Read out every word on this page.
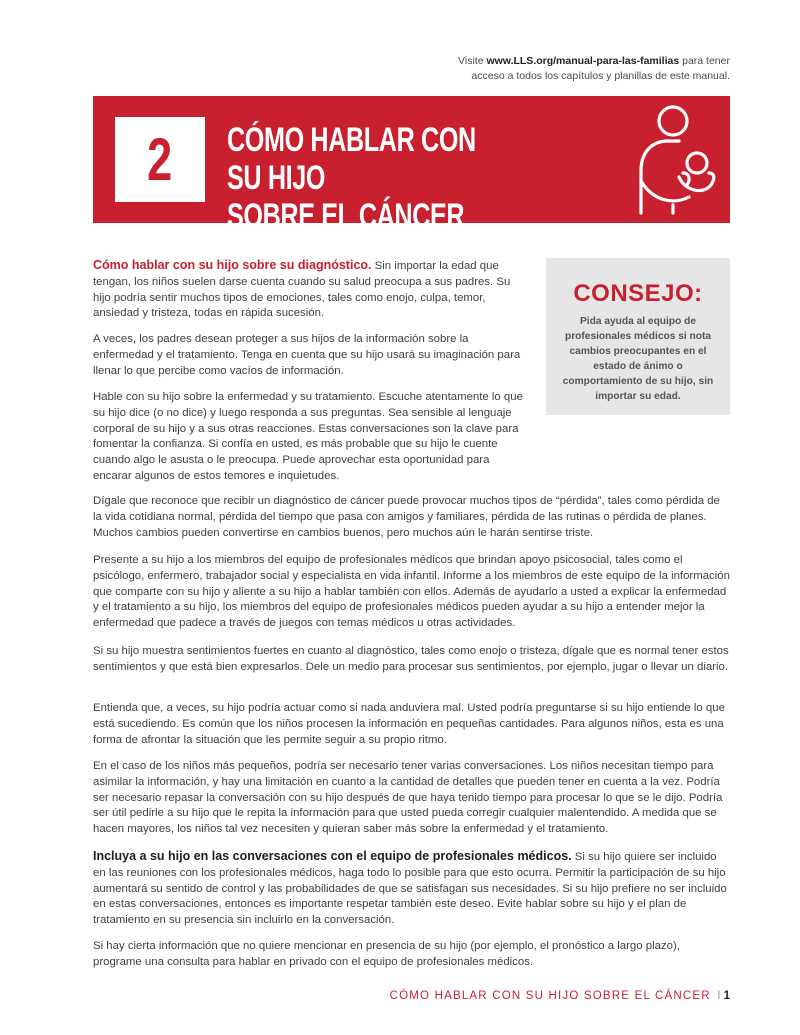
Visite www.LLS.org/manual-para-las-familias para tener
acceso a todos los capítulos y planillas de este manual.
2 CÓMO HABLAR CON SU HIJO
SOBRE EL CÁNCER

Cómo hablar con su hijo sobre su diagnóstico. Sin importar la edad que tengan, los niños suelen darse cuenta cuando su salud preocupa a sus padres. Su hijo podría sentir muchos tipos de emociones, tales como enojo, culpa, temor, ansiedad y tristeza, todas en rápida sucesión.

A veces, los padres desean proteger a sus hijos de la información sobre la enfermedad y el tratamiento. Tenga en cuenta que su hijo usará su imaginación para llenar lo que percibe como vacíos de información.

Hable con su hijo sobre la enfermedad y su tratamiento. Escuche atentamente lo que su hijo dice (o no dice) y luego responda a sus preguntas. Sea sensible al lenguaje corporal de su hijo y a sus otras reacciones. Estas conversaciones son la clave para fomentar la confianza. Si confía en usted, es más probable que su hijo le cuente cuando algo le asusta o le preocupa. Puede aprovechar esta oportunidad para encarar algunos de estos temores e inquietudes.

CONSEJO:
Pida ayuda al equipo de profesionales médicos si nota cambios preocupantes en el estado de ánimo o comportamiento de su hijo, sin importar su edad.

Dígale que reconoce que recibir un diagnóstico de cáncer puede provocar muchos tipos de “pérdida”, tales como pérdida de la vida cotidiana normal, pérdida del tiempo que pasa con amigos y familiares, pérdida de las rutinas o pérdida de planes. Muchos cambios pueden convertirse en cambios buenos, pero muchos aún le harán sentirse triste.

Presente a su hijo a los miembros del equipo de profesionales médicos que brindan apoyo psicosocial, tales como el psicólogo, enfermero, trabajador social y especialista en vida infantil. Informe a los miembros de este equipo de la información que comparte con su hijo y aliente a su hijo a hablar también con ellos. Además de ayudarlo a usted a explicar la enfermedad y el tratamiento a su hijo, los miembros del equipo de profesionales médicos pueden ayudar a su hijo a entender mejor la enfermedad que padece a través de juegos con temas médicos u otras actividades.

Si su hijo muestra sentimientos fuertes en cuanto al diagnóstico, tales como enojo o tristeza, dígale que es normal tener estos sentimientos y que está bien expresarlos. Dele un medio para procesar sus sentimientos, por ejemplo, jugar o llevar un diario.

Entienda que, a veces, su hijo podría actuar como si nada anduviera mal. Usted podría preguntarse si su hijo entiende lo que está sucediendo. Es común que los niños procesen la información en pequeñas cantidades. Para algunos niños, esta es una forma de afrontar la situación que les permite seguir a su propio ritmo.

En el caso de los niños más pequeños, podría ser necesario tener varias conversaciones. Los niños necesitan tiempo para asimilar la información, y hay una limitación en cuanto a la cantidad de detalles que pueden tener en cuenta a la vez. Podría ser necesario repasar la conversación con su hijo después de que haya tenido tiempo para procesar lo que se le dijo. Podría ser útil pedirle a su hijo que le repita la información para que usted pueda corregir cualquier malentendido. A medida que se hacen mayores, los niños tal vez necesiten y quieran saber más sobre la enfermedad y el tratamiento.

Incluya a su hijo en las conversaciones con el equipo de profesionales médicos. Si su hijo quiere ser incluido en las reuniones con los profesionales médicos, haga todo lo posible para que esto ocurra. Permitir la participación de su hijo aumentará su sentido de control y las probabilidades de que se satisfagan sus necesidades. Si su hijo prefiere no ser incluido en estas conversaciones, entonces es importante respetar también este deseo. Evite hablar sobre su hijo y el plan de tratamiento en su presencia sin incluirlo en la conversación.

Si hay cierta información que no quiere mencionar en presencia de su hijo (por ejemplo, el pronóstico a largo plazo), programe una consulta para hablar en privado con el equipo de profesionales médicos.

CÓMO HABLAR CON SU HIJO SOBRE EL CÁNCER I 1
